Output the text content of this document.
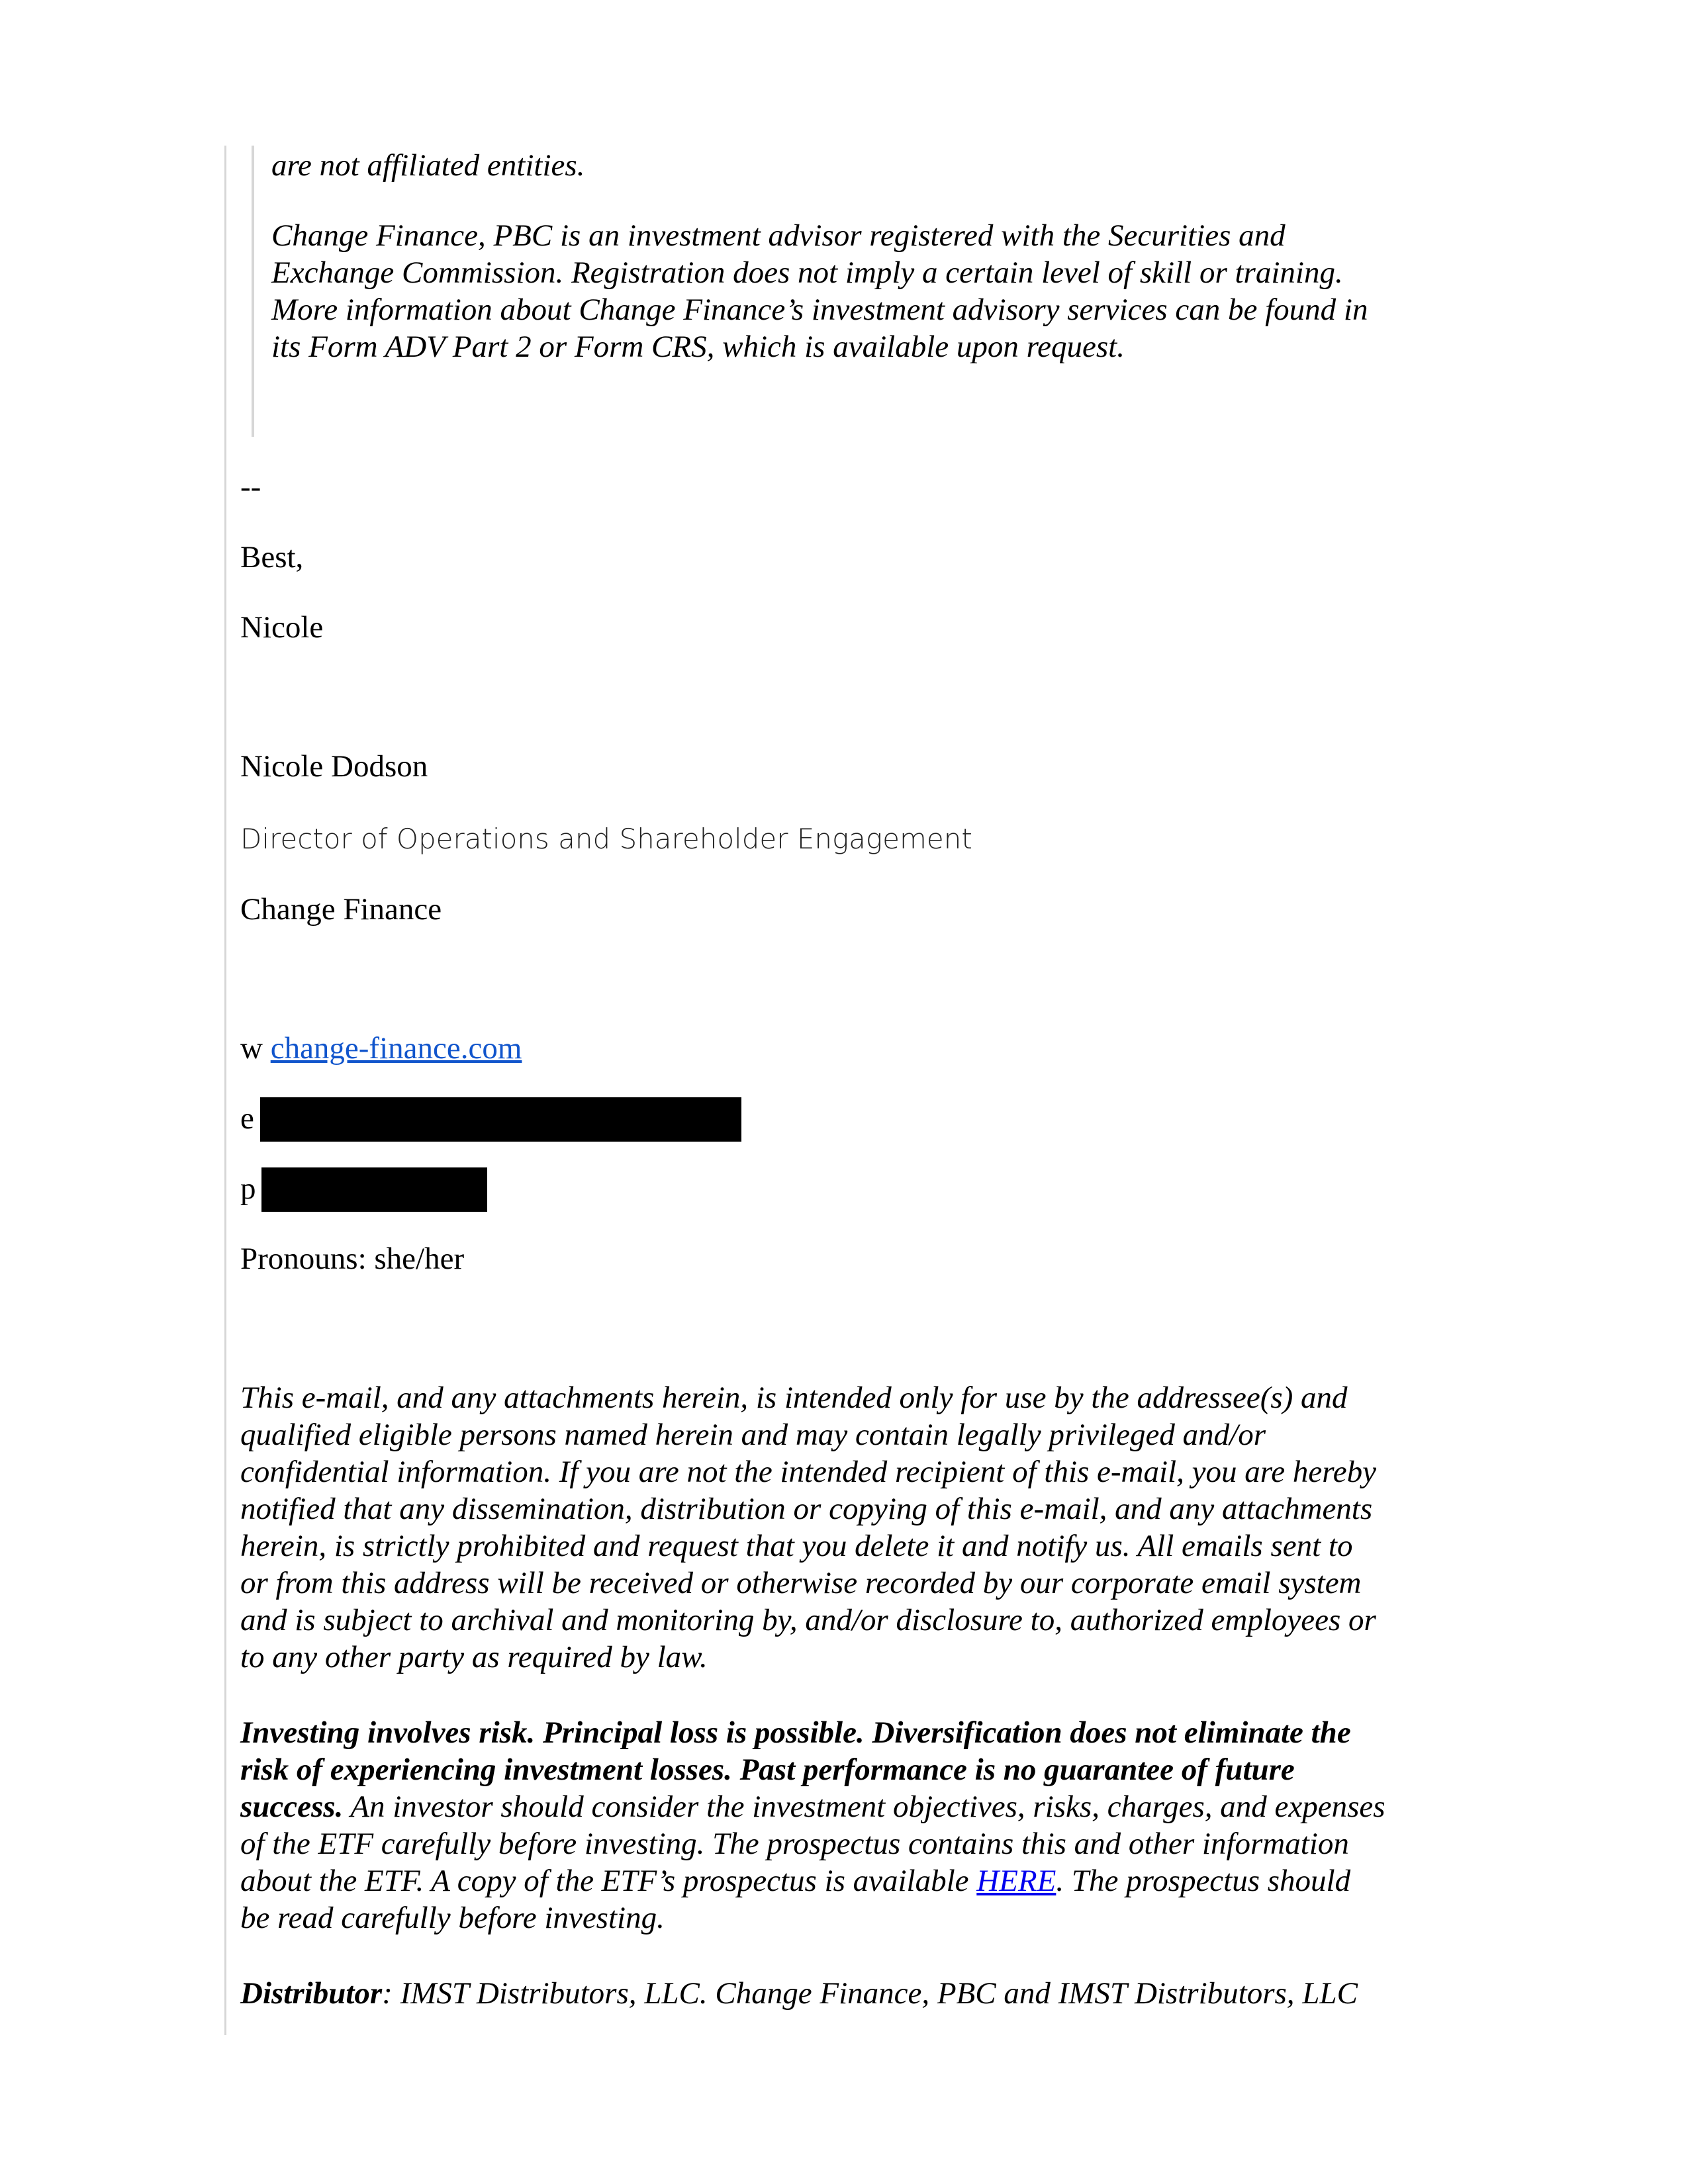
are not affiliated entities.

Change Finance, PBC is an investment advisor registered with the Securities and

Exchange Commission. Registration does not imply a certain level of skill or training.

More information about Change Finance’s investment advisory services can be found in

its Form ADV Part 2 or Form CRS, which is available upon request.

--

Best,

Nicole

Nicole Dodson

Director of Operations and Shareholder Engagement

Change Finance

w change-finance.com

e

p

Pronouns: she/her

This e-mail, and any attachments herein, is intended only for use by the addressee(s) and
qualified eligible persons named herein and may contain legally privileged and/or
confidential information. If you are not the intended recipient of this e-mail, you are hereby
notified that any dissemination, distribution or copying of this e-mail, and any attachments
herein, is strictly prohibited and request that you delete it and notify us. All emails sent to
or from this address will be received or otherwise recorded by our corporate email system
and is subject to archival and monitoring by, and/or disclosure to, authorized employees or
to any other party as required by law.
Investing involves risk. Principal loss is possible. Diversification does not eliminate the
risk of experiencing investment losses. Past performance is no guarantee of future
success. An investor should consider the investment objectives, risks, charges, and expenses
of the ETF carefully before investing. The prospectus contains this and other information
about the ETF. A copy of the ETF’s prospectus is available HERE. The prospectus should
be read carefully before investing.
Distributor: IMST Distributors, LLC. Change Finance, PBC and IMST Distributors, LLC
